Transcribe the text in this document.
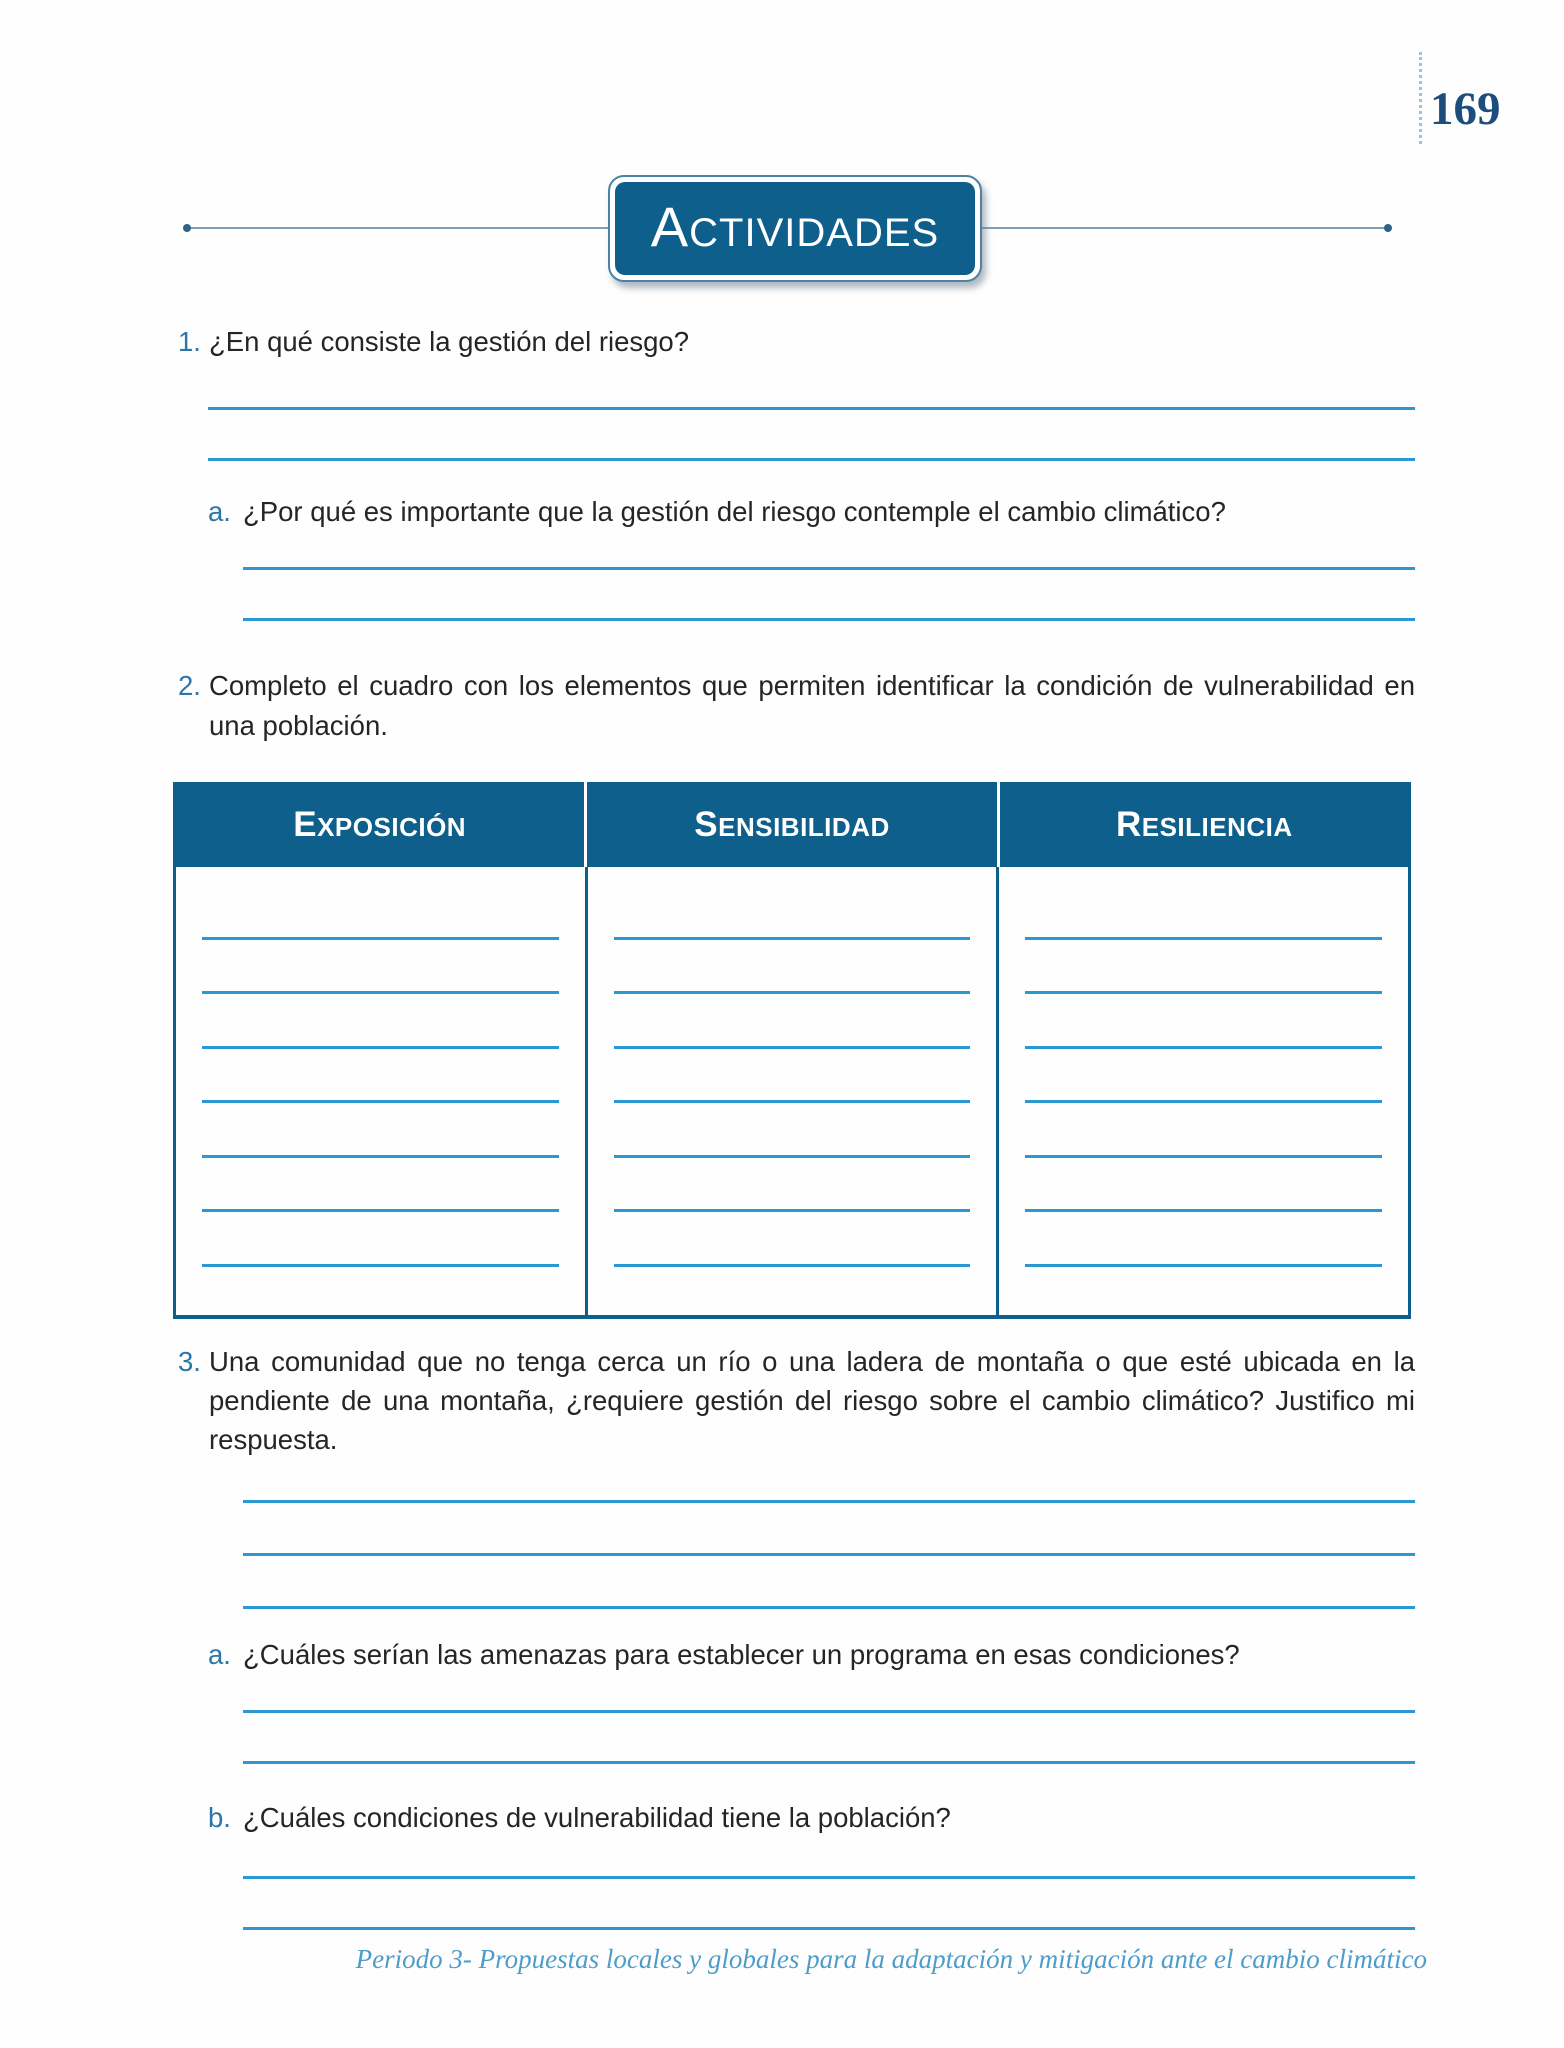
169
ACTIVIDADES
1. ¿En qué consiste la gestión del riesgo?
a. ¿Por qué es importante que la gestión del riesgo contemple el cambio climático?
2. Completo el cuadro con los elementos que permiten identificar la condición de vulnerabilidad en una población.
EXPOSICIÓN	SENSIBILIDAD	RESILIENCIA
3. Una comunidad que no tenga cerca un río o una ladera de montaña o que esté ubicada en la pendiente de una montaña, ¿requiere gestión del riesgo sobre el cambio climático? Justifico mi respuesta.
a. ¿Cuáles serían las amenazas para establecer un programa en esas condiciones?
b. ¿Cuáles condiciones de vulnerabilidad tiene la población?
Periodo 3- Propuestas locales y globales para la adaptación y mitigación ante el cambio climático
